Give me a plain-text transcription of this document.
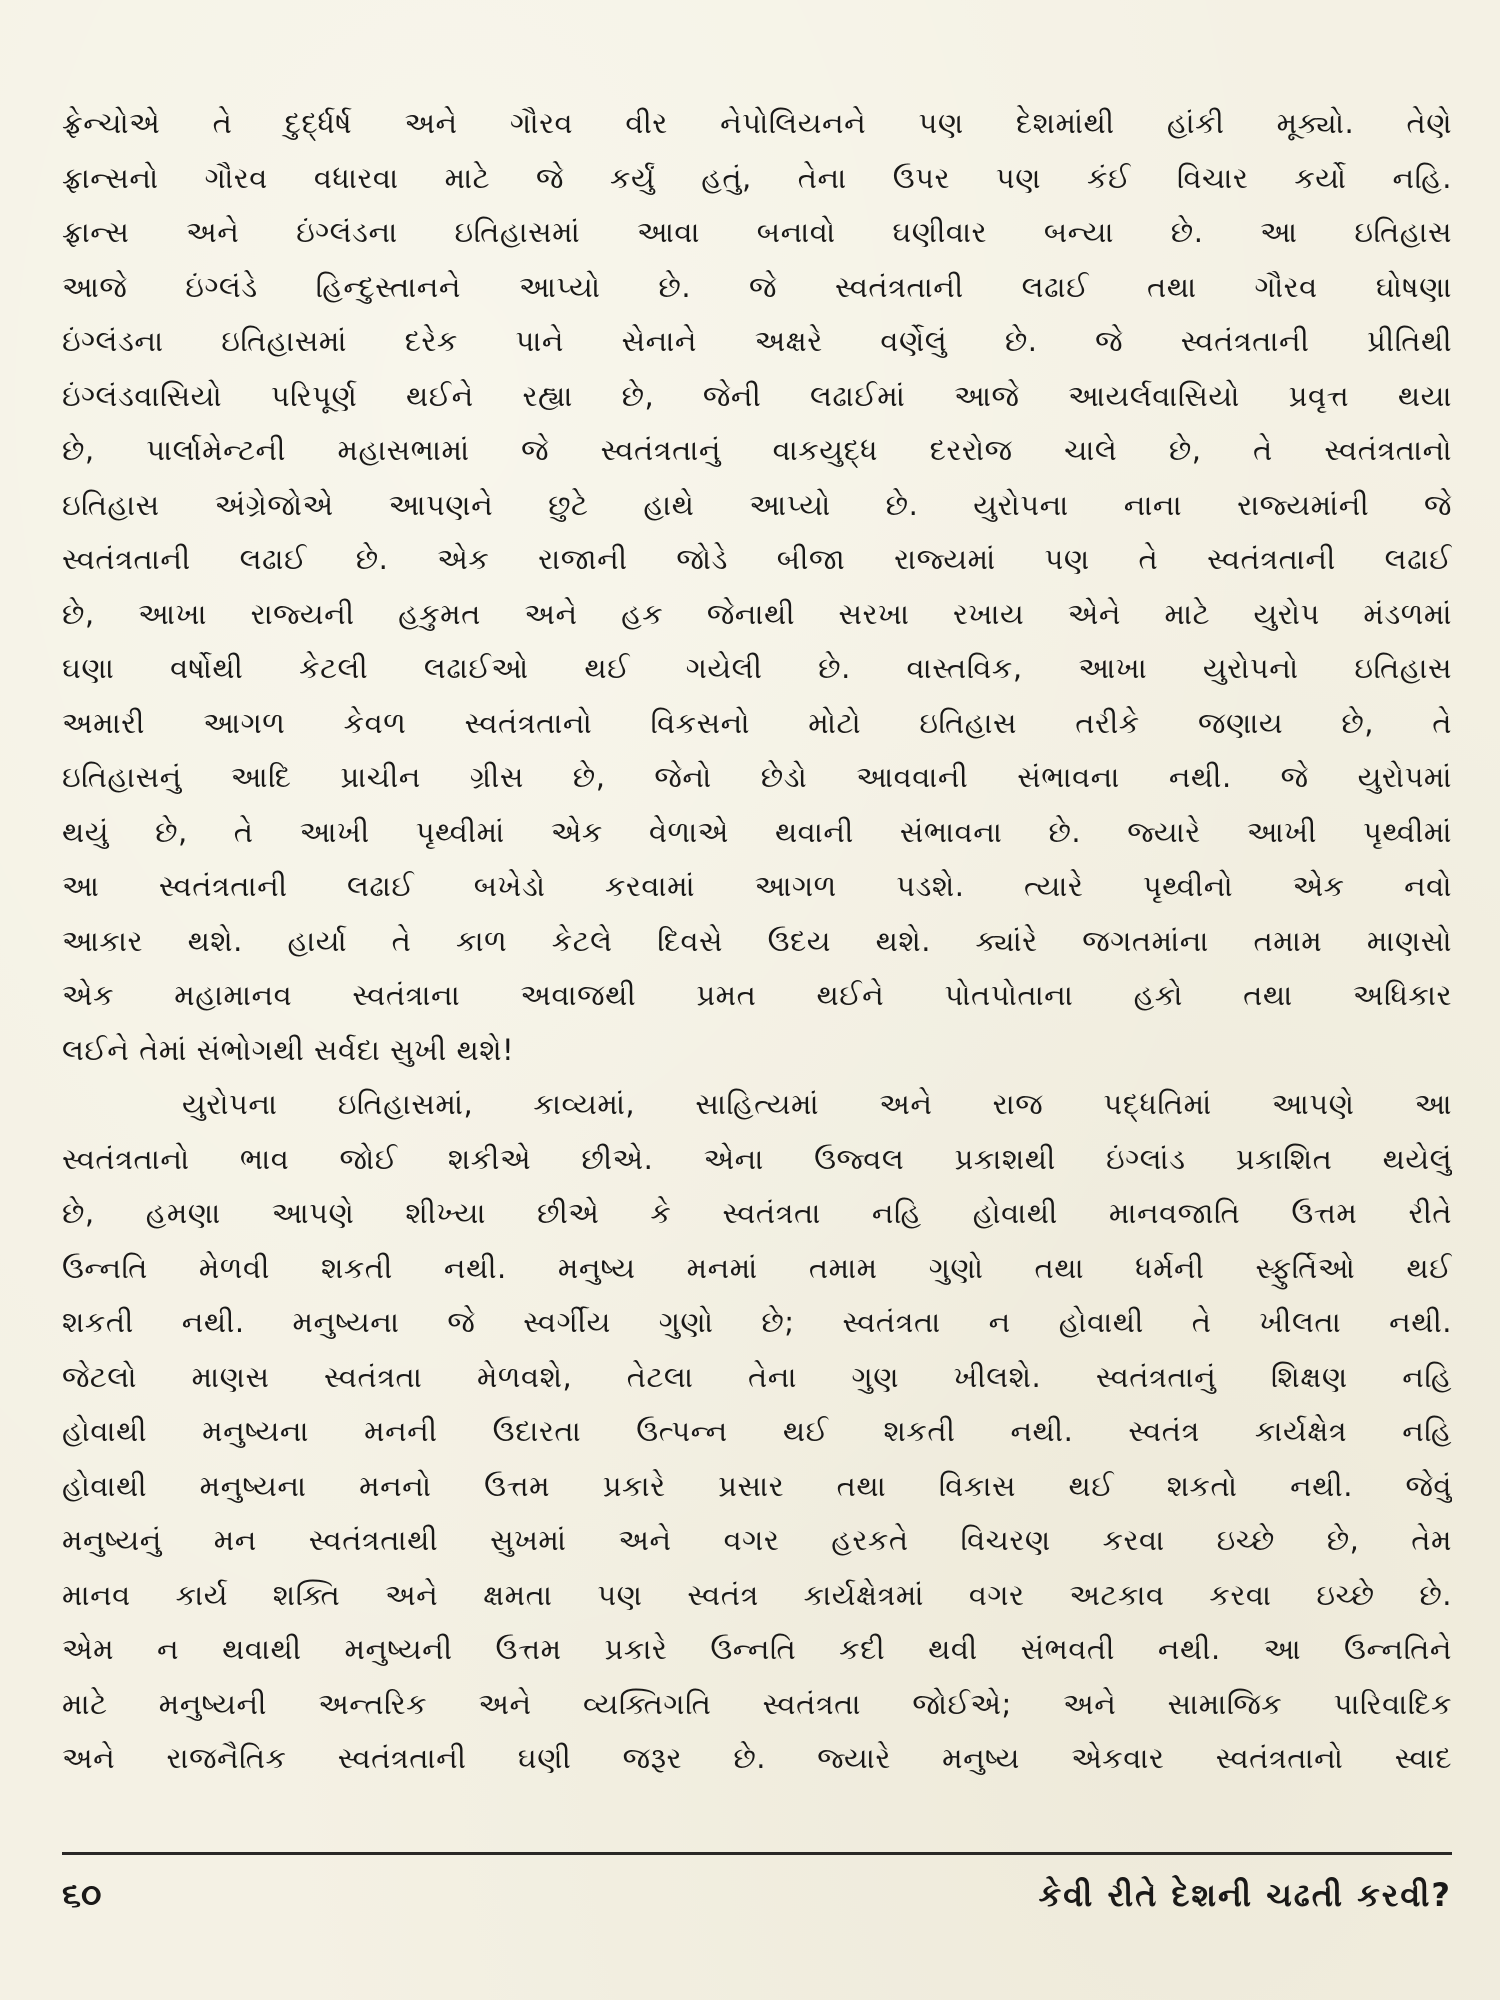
ફ્રેન્ચોએ તે દુર્દ્ધર્ષ અને ગૌરવ વીર નેપોલિયનને પણ દેશમાંથી હાંકી મૂક્યો. તેણે
ફ્રાન્સનો ગૌરવ વધારવા માટે જે કર્યું હતું, તેના ઉપર પણ કંઈ વિચાર કર્યો નહિ.
ફ્રાન્સ અને ઇંગ્લંડના ઇતિહાસમાં આવા બનાવો ઘણીવાર બન્યા છે. આ ઇતિહાસ
આજે ઇંગ્લંડે હિન્દુસ્તાનને આપ્યો છે. જે સ્વતંત્રતાની લઢાઈ તથા ગૌરવ ઘોષણા
ઇંગ્લંડના ઇતિહાસમાં દરેક પાને સેનાને અક્ષરે વર્ણેલું છે. જે સ્વતંત્રતાની પ્રીતિથી
ઇંગ્લંડવાસિયો પરિપૂર્ણ થઈને રહ્યા છે, જેની લઢાઈમાં આજે આયર્લવાસિયો પ્રવૃત્ત થયા
છે, પાર્લામેન્ટની મહાસભામાં જે સ્વતંત્રતાનું વાકયુદ્ધ દરરોજ ચાલે છે, તે સ્વતંત્રતાનો
ઇતિહાસ અંગ્રેજોએ આપણને છુટે હાથે આપ્યો છે. યુરોપના નાના રાજ્યમાંની જે
સ્વતંત્રતાની લઢાઈ છે. એક રાજાની જોડે બીજા રાજ્યમાં પણ તે સ્વતંત્રતાની લઢાઈ
છે, આખા રાજ્યની હકુમત અને હક જેનાથી સરખા રખાય એને માટે યુરોપ મંડળમાં
ઘણા વર્ષોથી કેટલી લઢાઈઓ થઈ ગયેલી છે. વાસ્તવિક, આખા યુરોપનો ઇતિહાસ
અમારી આગળ કેવળ સ્વતંત્રતાનો વિકસનો મોટો ઇતિહાસ તરીકે જણાય છે, તે
ઇતિહાસનું આદિ પ્રાચીન ગ્રીસ છે, જેનો છેડો આવવાની સંભાવના નથી. જે યુરોપમાં
થયું છે, તે આખી પૃથ્વીમાં એક વેળાએ થવાની સંભાવના છે. જ્યારે આખી પૃથ્વીમાં
આ સ્વતંત્રતાની લઢાઈ બખેડો કરવામાં આગળ પડશે. ત્યારે પૃથ્વીનો એક નવો
આકાર થશે. હાર્યા તે કાળ કેટલે દિવસે ઉદય થશે. ક્યાંરે જગતમાંના તમામ માણસો
એક મહામાનવ સ્વતંત્રાના અવાજથી પ્રમત થઈને પોતપોતાના હકો તથા અધિકાર
લઈને તેમાં સંભોગથી સર્વદા સુખી થશે!
યુરોપના ઇતિહાસમાં, કાવ્યમાં, સાહિત્યમાં અને રાજ પદ્ધતિમાં આપણે આ
સ્વતંત્રતાનો ભાવ જોઈ શકીએ છીએ. એના ઉજ્વલ પ્રકાશથી ઇંગ્લાંડ પ્રકાશિત થયેલું
છે, હમણા આપણે શીખ્યા છીએ કે સ્વતંત્રતા નહિ હોવાથી માનવજાતિ ઉત્તમ રીતે
ઉન્નતિ મેળવી શકતી નથી. મનુષ્ય મનમાં તમામ ગુણો તથા ધર્મની સ્ફુર્તિઓ થઈ
શકતી નથી. મનુષ્યના જે સ્વર્ગીય ગુણો છે; સ્વતંત્રતા ન હોવાથી તે ખીલતા નથી.
જેટલો માણસ સ્વતંત્રતા મેળવશે, તેટલા તેના ગુણ ખીલશે. સ્વતંત્રતાનું શિક્ષણ નહિ
હોવાથી મનુષ્યના મનની ઉદારતા ઉત્પન્ન થઈ શકતી નથી. સ્વતંત્ર કાર્યક્ષેત્ર નહિ
હોવાથી મનુષ્યના મનનો ઉત્તમ પ્રકારે પ્રસાર તથા વિકાસ થઈ શકતો નથી. જેવું
મનુષ્યનું મન સ્વતંત્રતાથી સુખમાં અને વગર હરકતે વિચરણ કરવા ઇચ્છે છે, તેમ
માનવ કાર્ય શક્તિ અને ક્ષમતા પણ સ્વતંત્ર કાર્યક્ષેત્રમાં વગર અટકાવ કરવા ઇચ્છે છે.
એમ ન થવાથી મનુષ્યની ઉત્તમ પ્રકારે ઉન્નતિ કદી થવી સંભવતી નથી. આ ઉન્નતિને
માટે મનુષ્યની અન્તરિક અને વ્યક્તિગતિ સ્વતંત્રતા જોઈએ; અને સામાજિક પારિવાદિક
અને રાજનૈતિક સ્વતંત્રતાની ઘણી જરૂર છે. જ્યારે મનુષ્ય એકવાર સ્વતંત્રતાનો સ્વાદ
૬૦	કેવી રીતે દેશની ચઢતી કરવી?
